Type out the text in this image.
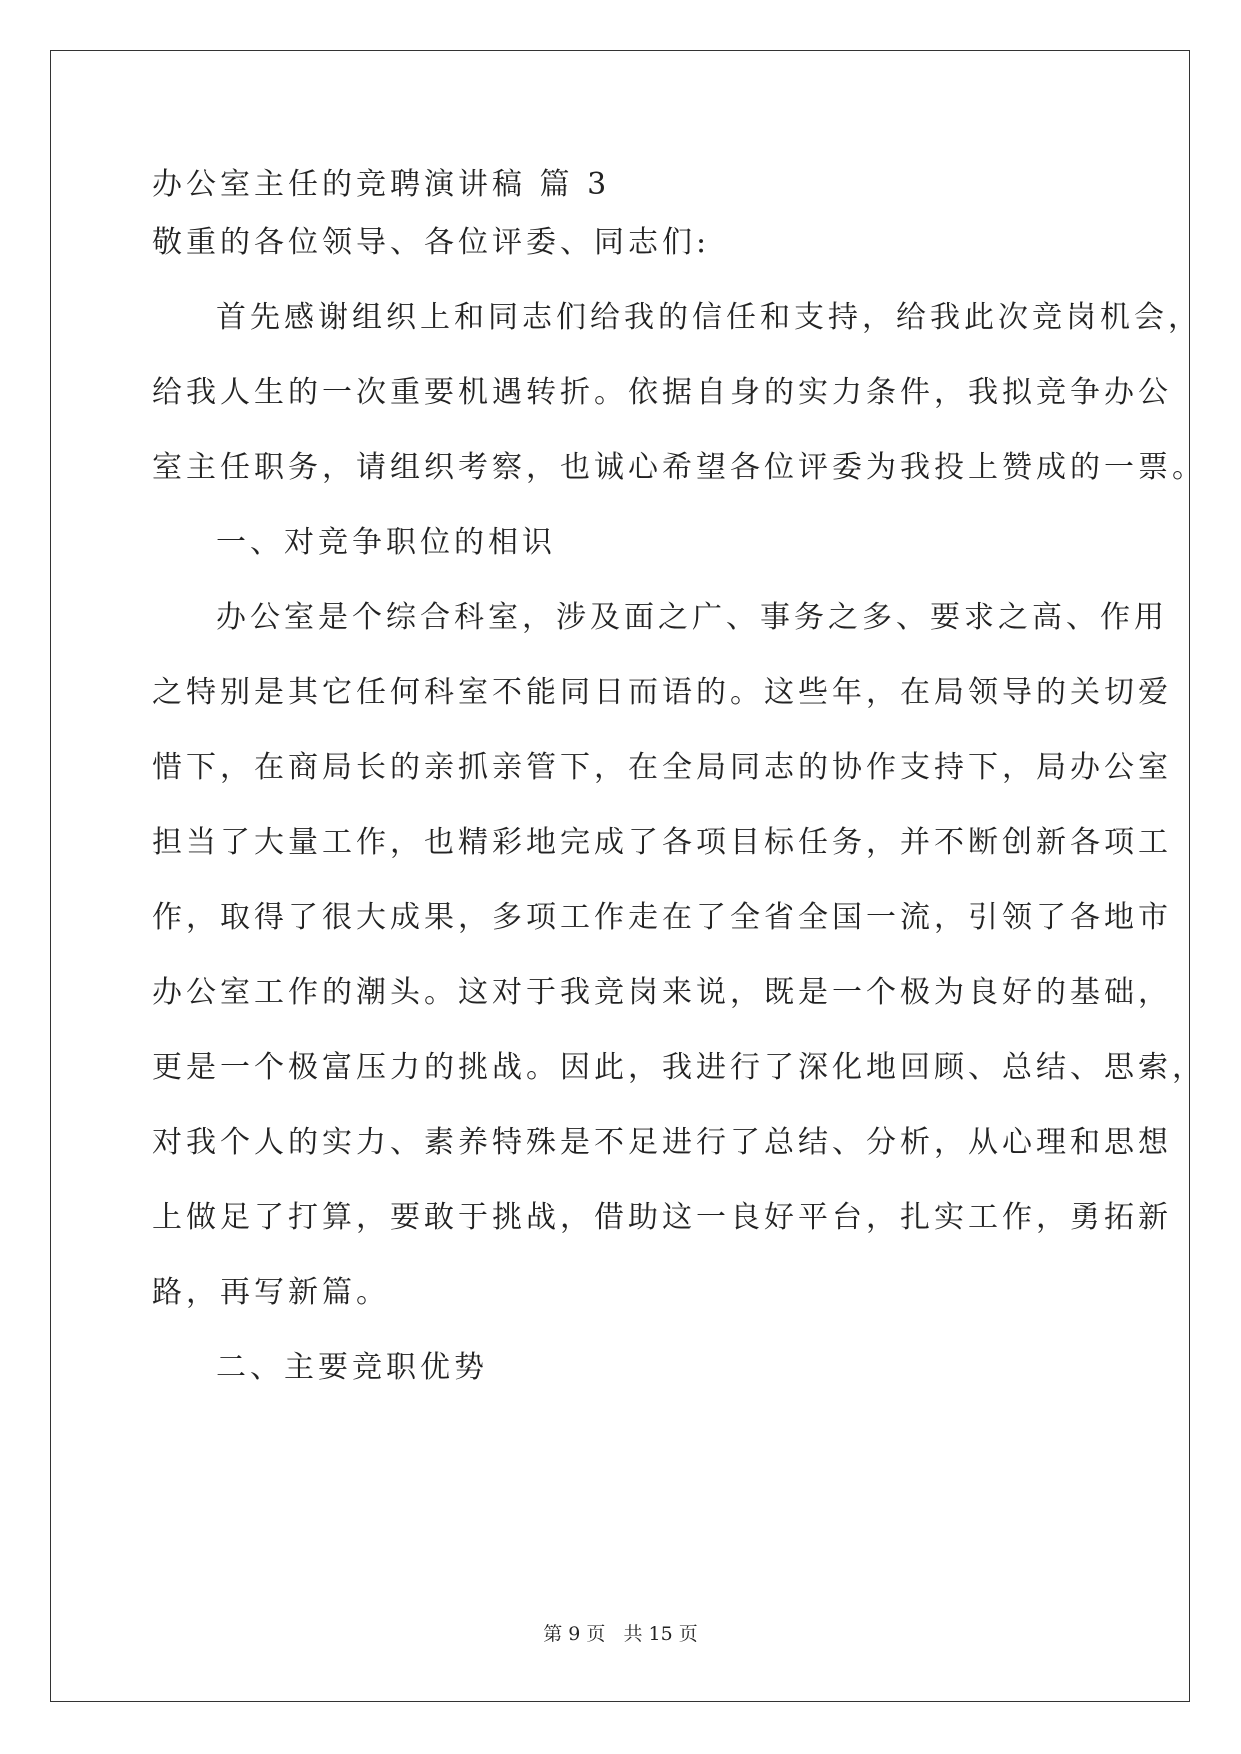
办公室主任的竞聘演讲稿 篇 3
敬重的各位领导、各位评委、同志们:
首先感谢组织上和同志们给我的信任和支持，给我此次竞岗机会，
给我人生的一次重要机遇转折。依据自身的实力条件，我拟竞争办公
室主任职务，请组织考察，也诚心希望各位评委为我投上赞成的一票。
一、对竞争职位的相识
办公室是个综合科室，涉及面之广、事务之多、要求之高、作用
之特别是其它任何科室不能同日而语的。这些年，在局领导的关切爱
惜下，在商局长的亲抓亲管下，在全局同志的协作支持下，局办公室
担当了大量工作，也精彩地完成了各项目标任务，并不断创新各项工
作，取得了很大成果，多项工作走在了全省全国一流，引领了各地市
办公室工作的潮头。这对于我竞岗来说，既是一个极为良好的基础，
更是一个极富压力的挑战。因此，我进行了深化地回顾、总结、思索，
对我个人的实力、素养特殊是不足进行了总结、分析，从心理和思想
上做足了打算，要敢于挑战，借助这一良好平台，扎实工作，勇拓新
路，再写新篇。
二、主要竞职优势
第 9 页 共 15 页
